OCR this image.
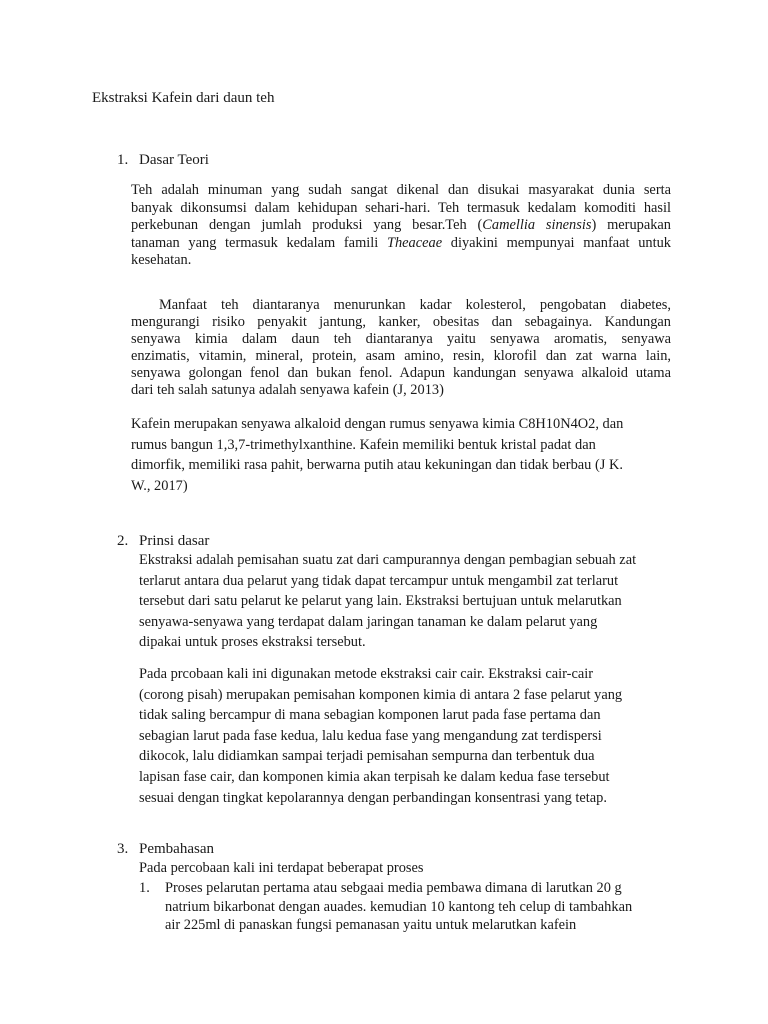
Ekstraksi Kafein dari daun teh
1. Dasar Teori
Teh adalah minuman yang sudah sangat dikenal dan disukai masyarakat dunia serta
banyak dikonsumsi dalam kehidupan sehari-hari. Teh termasuk kedalam komoditi hasil
perkebunan dengan jumlah produksi yang besar.Teh (Camellia sinensis) merupakan
tanaman yang termasuk kedalam famili Theaceae diyakini mempunyai manfaat untuk
kesehatan.
Manfaat teh diantaranya menurunkan kadar kolesterol, pengobatan diabetes,
mengurangi risiko penyakit jantung, kanker, obesitas dan sebagainya. Kandungan
senyawa kimia dalam daun teh diantaranya yaitu senyawa aromatis, senyawa
enzimatis, vitamin, mineral, protein, asam amino, resin, klorofil dan zat warna lain,
senyawa golongan fenol dan bukan fenol. Adapun kandungan senyawa alkaloid utama
dari teh salah satunya adalah senyawa kafein (J, 2013)
Kafein merupakan senyawa alkaloid dengan rumus senyawa kimia C8H10N4O2, dan
rumus bangun 1,3,7-trimethylxanthine. Kafein memiliki bentuk kristal padat dan
dimorfik, memiliki rasa pahit, berwarna putih atau kekuningan dan tidak berbau (J K.
W., 2017)
2. Prinsi dasar
Ekstraksi adalah pemisahan suatu zat dari campurannya dengan pembagian sebuah zat
terlarut antara dua pelarut yang tidak dapat tercampur untuk mengambil zat terlarut
tersebut dari satu pelarut ke pelarut yang lain. Ekstraksi bertujuan untuk melarutkan
senyawa-senyawa yang terdapat dalam jaringan tanaman ke dalam pelarut yang
dipakai untuk proses ekstraksi tersebut.
Pada prcobaan kali ini digunakan metode ekstraksi cair cair. Ekstraksi cair-cair
(corong pisah) merupakan pemisahan komponen kimia di antara 2 fase pelarut yang
tidak saling bercampur di mana sebagian komponen larut pada fase pertama dan
sebagian larut pada fase kedua, lalu kedua fase yang mengandung zat terdispersi
dikocok, lalu didiamkan sampai terjadi pemisahan sempurna dan terbentuk dua
lapisan fase cair, dan komponen kimia akan terpisah ke dalam kedua fase tersebut
sesuai dengan tingkat kepolarannya dengan perbandingan konsentrasi yang tetap.
3. Pembahasan
Pada percobaan kali ini terdapat beberapat proses
1. Proses pelarutan pertama atau sebgaai media pembawa dimana di larutkan 20 g
natrium bikarbonat dengan auades. kemudian 10 kantong teh celup di tambahkan
air 225ml di panaskan fungsi pemanasan yaitu untuk melarutkan kafein
